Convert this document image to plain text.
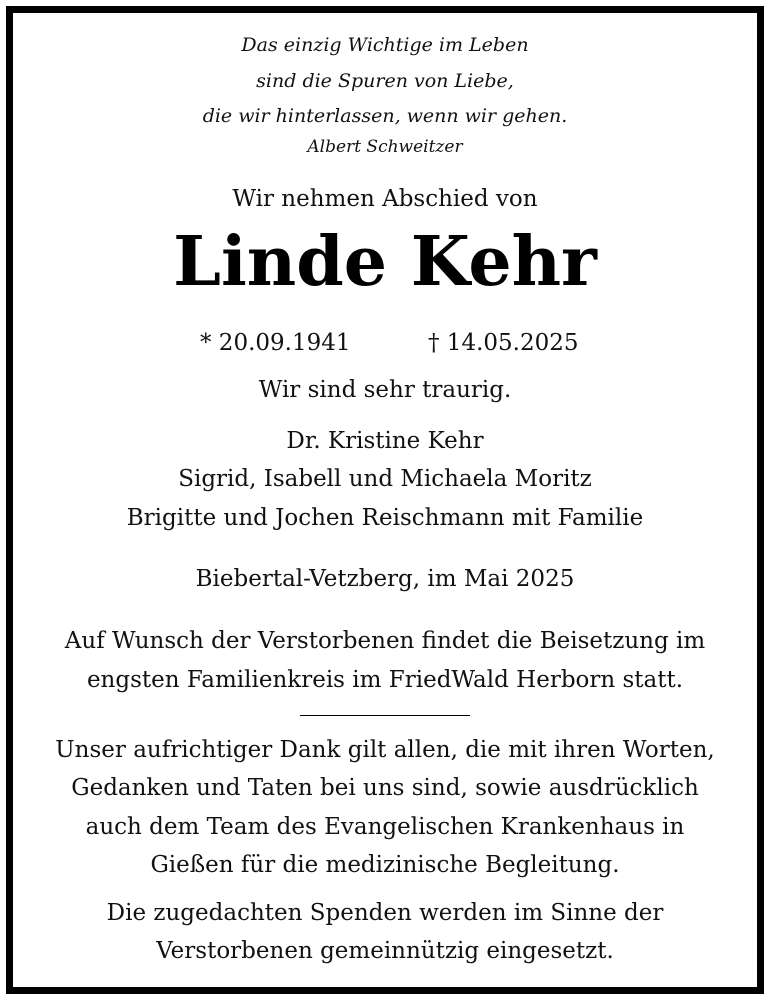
Das einzig Wichtige im Leben
sind die Spuren von Liebe,
die wir hinterlassen, wenn wir gehen.
Albert Schweitzer
Wir nehmen Abschied von
Linde Kehr
* 20.09.1941	† 14.05.2025
Wir sind sehr traurig.
Dr. Kristine Kehr
Sigrid, Isabell und Michaela Moritz
Brigitte und Jochen Reischmann mit Familie
Biebertal-Vetzberg, im Mai 2025
Auf Wunsch der Verstorbenen findet die Beisetzung im
engsten Familienkreis im FriedWald Herborn statt.
Unser aufrichtiger Dank gilt allen, die mit ihren Worten,
Gedanken und Taten bei uns sind, sowie ausdrücklich
auch dem Team des Evangelischen Krankenhaus in
Gießen für die medizinische Begleitung.
Die zugedachten Spenden werden im Sinne der
Verstorbenen gemeinnützig eingesetzt.
